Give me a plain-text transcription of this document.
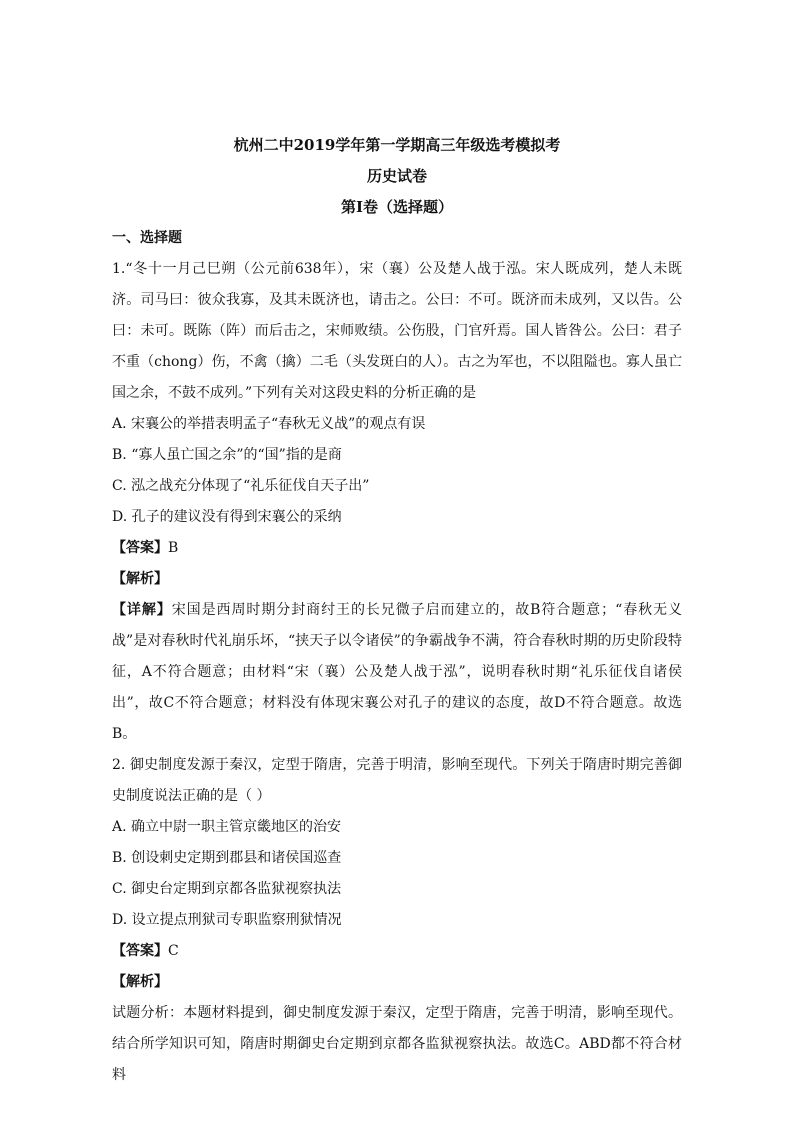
杭州二中2019学年第一学期高三年级选考模拟考
历史试卷
第Ⅰ卷（选择题）
一、选择题

1.“冬十一月己巳朔（公元前638年），宋（襄）公及楚人战于泓。宋人既成列，楚人未既济。司马曰：彼众我寡，及其未既济也，请击之。公曰：不可。既济而未成列，又以告。公曰：未可。既陈（阵）而后击之，宋师败绩。公伤股，门官歼焉。国人皆咎公。公曰：君子不重（chong）伤，不禽（擒）二毛（头发斑白的人）。古之为军也，不以阻隘也。寡人虽亡国之余，不鼓不成列。”下列有关对这段史料的分析正确的是

A. 宋襄公的举措表明孟子“春秋无义战”的观点有误

B. “寡人虽亡国之余”的“国”指的是商

C. 泓之战充分体现了“礼乐征伐自天子出”

D. 孔子的建议没有得到宋襄公的采纳

【答案】B

【解析】

【详解】宋国是西周时期分封商纣王的长兄微子启而建立的，故B符合题意；“春秋无义战”是对春秋时代礼崩乐坏，“挟天子以令诸侯”的争霸战争不满，符合春秋时期的历史阶段特征，A不符合题意；由材料“宋（襄）公及楚人战于泓”，说明春秋时期“礼乐征伐自诸侯出”，故C不符合题意；材料没有体现宋襄公对孔子的建议的态度，故D不符合题意。故选B。

2. 御史制度发源于秦汉，定型于隋唐，完善于明清，影响至现代。下列关于隋唐时期完善御史制度说法正确的是（ ）

A. 确立中尉一职主管京畿地区的治安

B. 创设刺史定期到郡县和诸侯国巡查

C. 御史台定期到京都各监狱视察执法

D. 设立提点刑狱司专职监察刑狱情况

【答案】C

【解析】

试题分析：本题材料提到，御史制度发源于秦汉，定型于隋唐，完善于明清，影响至现代。结合所学知识可知，隋唐时期御史台定期到京都各监狱视察执法。故选C。ABD都不符合材料
